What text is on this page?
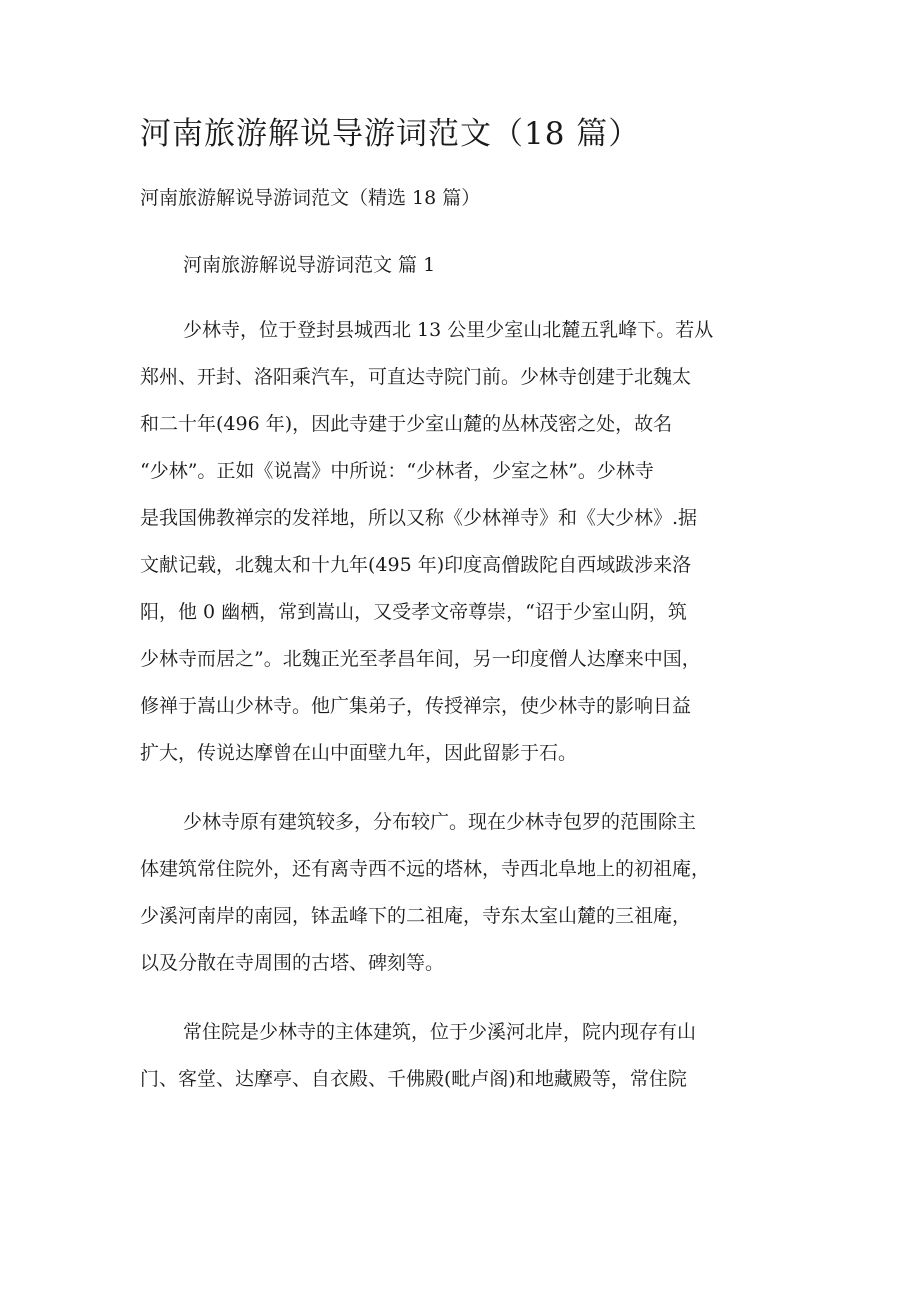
河南旅游解说导游词范文（18 篇）
河南旅游解说导游词范文（精选 18 篇）
河南旅游解说导游词范文 篇 1
少林寺，位于登封县城西北 13 公里少室山北麓五乳峰下。若从
郑州、开封、洛阳乘汽车，可直达寺院门前。少林寺创建于北魏太
和二十年(496 年)，因此寺建于少室山麓的丛林茂密之处，故名
“少林”。正如《说嵩》中所说：“少林者，少室之林”。少林寺
是我国佛教禅宗的发祥地，所以又称《少林禅寺》和《大少林》.据
文献记载，北魏太和十九年(495 年)印度高僧跋陀自西域跋涉来洛
阳，他 0 幽栖，常到嵩山，又受孝文帝尊崇，“诏于少室山阴，筑
少林寺而居之”。北魏正光至孝昌年间，另一印度僧人达摩来中国，
修禅于嵩山少林寺。他广集弟子，传授禅宗，使少林寺的影响日益
扩大，传说达摩曾在山中面壁九年，因此留影于石。
少林寺原有建筑较多，分布较广。现在少林寺包罗的范围除主
体建筑常住院外，还有离寺西不远的塔林，寺西北阜地上的初祖庵，
少溪河南岸的南园，钵盂峰下的二祖庵，寺东太室山麓的三祖庵，
以及分散在寺周围的古塔、碑刻等。
常住院是少林寺的主体建筑，位于少溪河北岸，院内现存有山
门、客堂、达摩亭、自衣殿、千佛殿(毗卢阁)和地藏殿等，常住院
